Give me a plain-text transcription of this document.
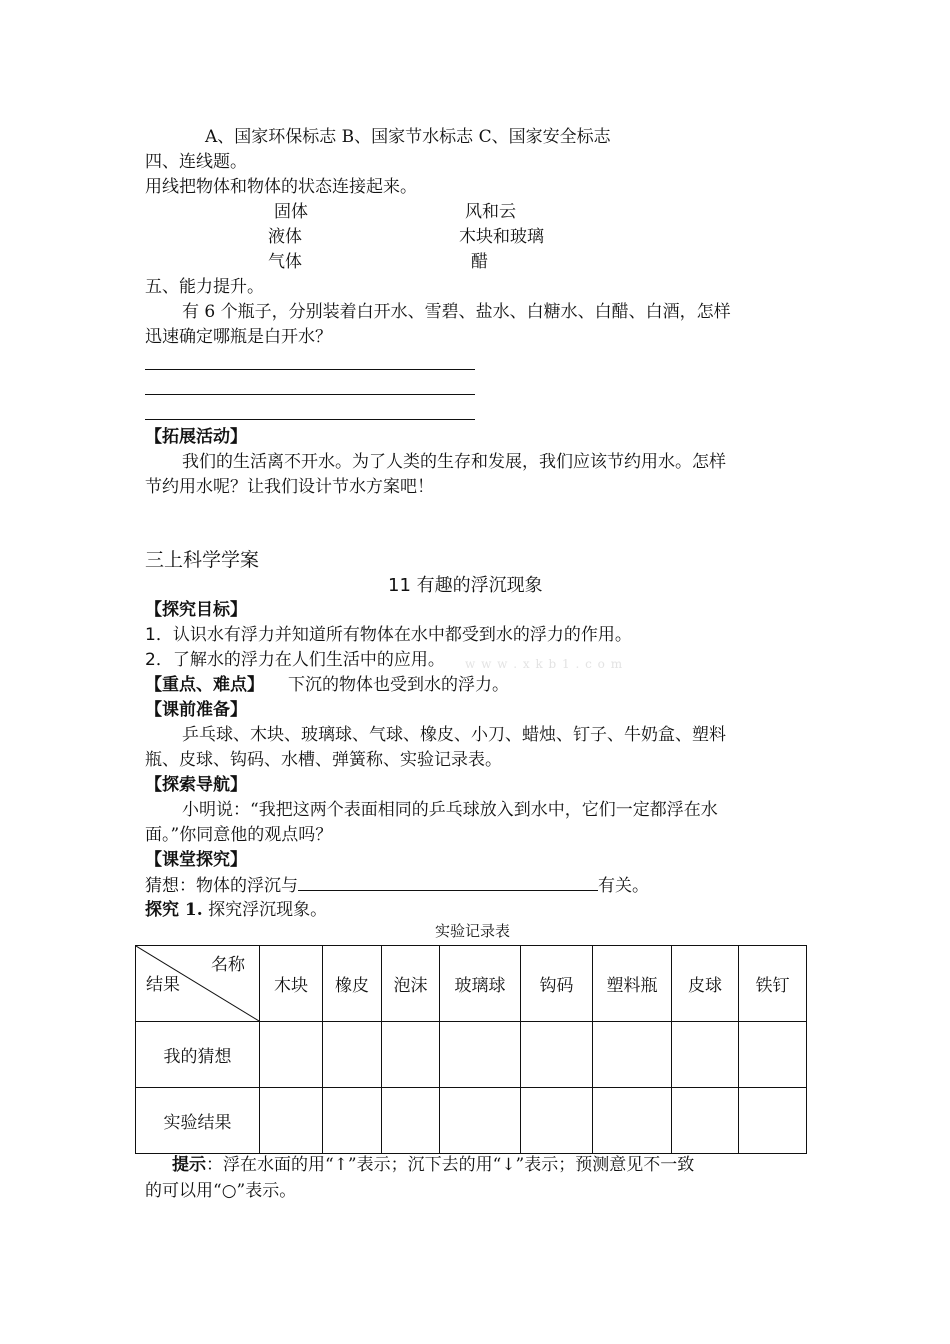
A、国家环保标志 B、国家节水标志 C、国家安全标志
四、连线题。
用线把物体和物体的状态连接起来。
固体
液体
气体
风和云
木块和玻璃
醋
五、能力提升。
有 6 个瓶子，分别装着白开水、雪碧、盐水、白糖水、白醋、白酒，怎样
迅速确定哪瓶是白开水？
【拓展活动】
我们的生活离不开水。为了人类的生存和发展，我们应该节约用水。怎样
节约用水呢？让我们设计节水方案吧！
三上科学学案
11 有趣的浮沉现象
【探究目标】
1．认识水有浮力并知道所有物体在水中都受到水的浮力的作用。
2．了解水的浮力在人们生活中的应用。 w w w . x k b 1 . c o m
【重点、难点】 下沉的物体也受到水的浮力。
【课前准备】
乒乓球、木块、玻璃球、气球、橡皮、小刀、蜡烛、钉子、牛奶盒、塑料
瓶、皮球、钩码、水槽、弹簧称、实验记录表。
【探索导航】
小明说：“我把这两个表面相同的乒乓球放入到水中，它们一定都浮在水
面。”你同意他的观点吗？
【课堂探究】
猜想：物体的浮沉与	有关。
探究 1. 探究浮沉现象。
实验记录表
名称
结果	木块	橡皮	泡沫	玻璃球	钩码	塑料瓶	皮球	铁钉
我的猜想								
实验结果								
提示：浮在水面的用“↑”表示；沉下去的用“↓”表示；预测意见不一致
的可以用“○”表示。
